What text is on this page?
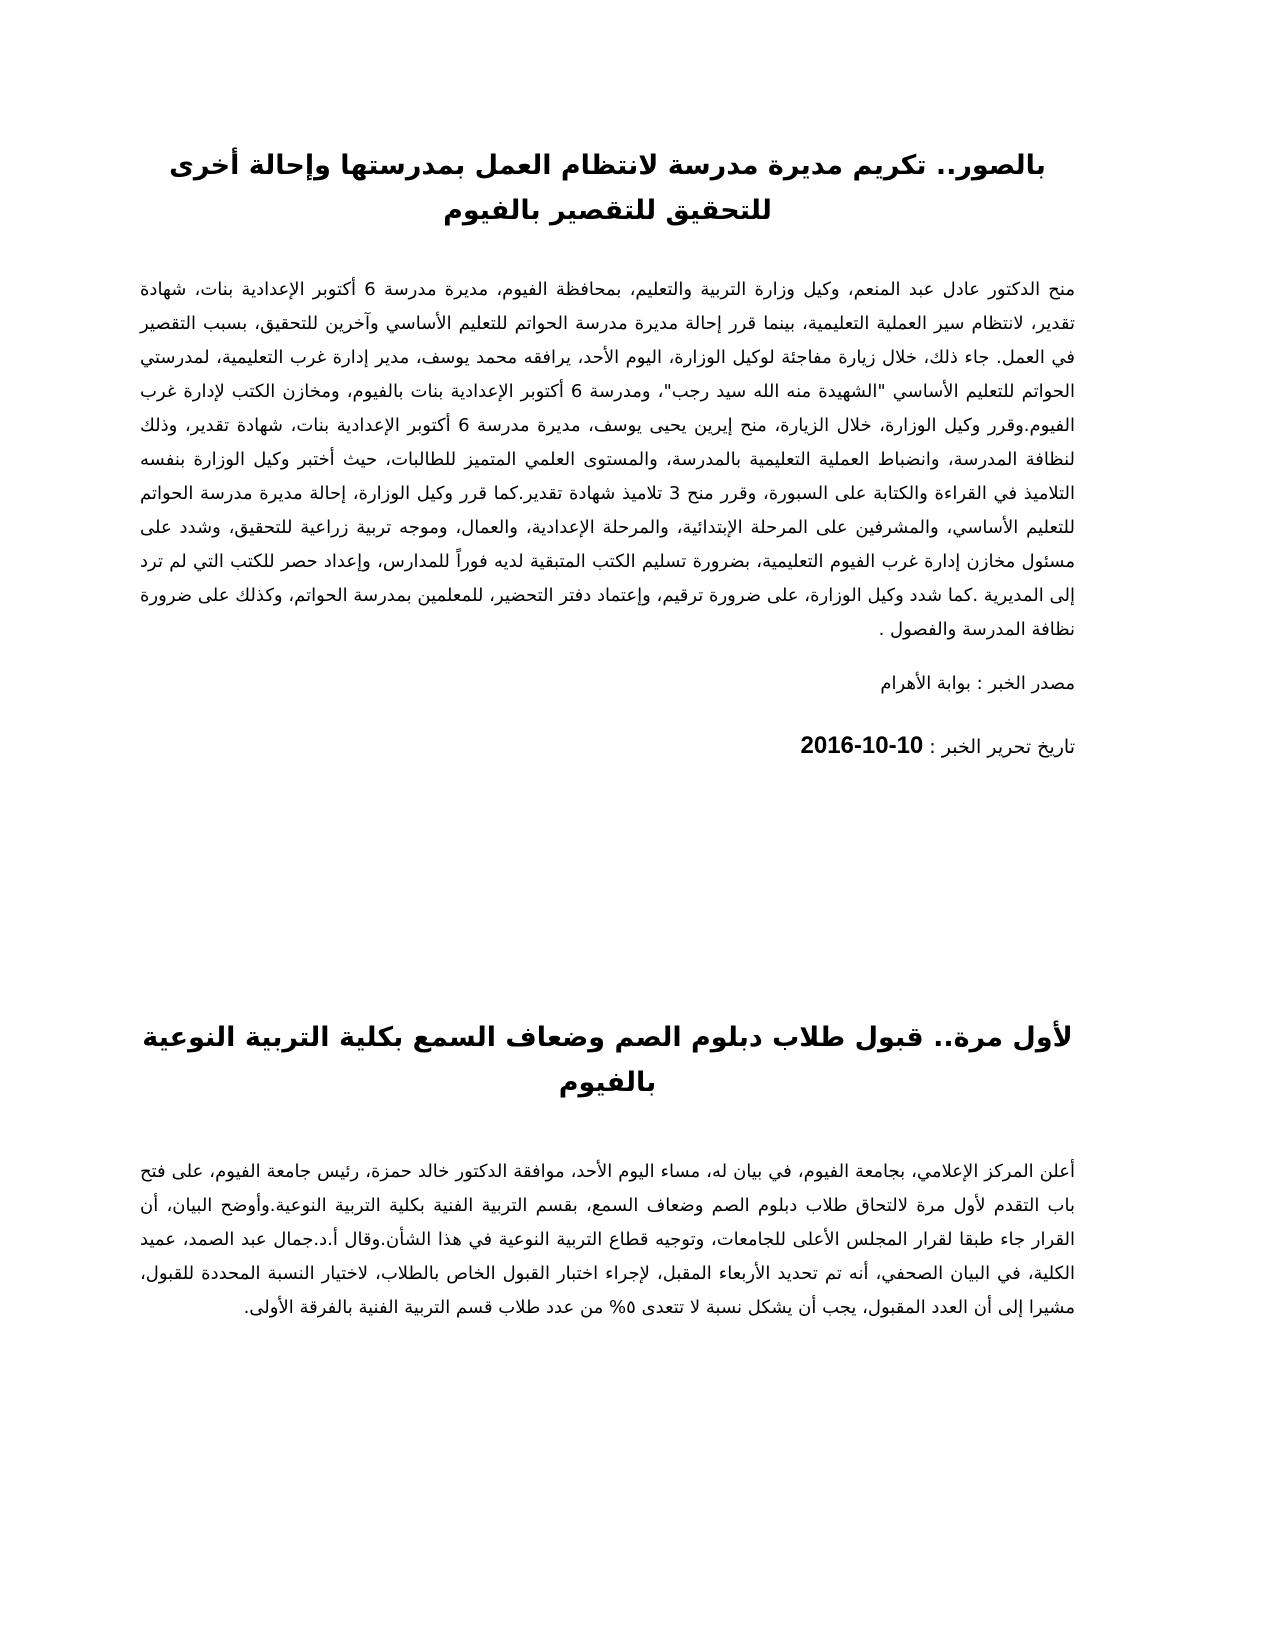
بالصور.. تكريم مديرة مدرسة لانتظام العمل بمدرستها وإحالة أخرى للتحقيق للتقصير بالفيوم

منح الدكتور عادل عبد المنعم، وكيل وزارة التربية والتعليم، بمحافظة الفيوم، مديرة مدرسة 6 أكتوبر الإعدادية بنات، شهادة تقدير، لانتظام سير العملية التعليمية، بينما قرر إحالة مديرة مدرسة الحواتم للتعليم الأساسي وآخرين للتحقيق، بسبب التقصير في العمل. جاء ذلك، خلال زيارة مفاجئة لوكيل الوزارة، اليوم الأحد، يرافقه محمد يوسف، مدير إدارة غرب التعليمية، لمدرستي الحواتم للتعليم الأساسي "الشهيدة منه الله سيد رجب"، ومدرسة 6 أكتوبر الإعدادية بنات بالفيوم، ومخازن الكتب لإدارة غرب الفيوم.وقرر وكيل الوزارة، خلال الزيارة، منح إيرين يحيى يوسف، مديرة مدرسة 6 أكتوبر الإعدادية بنات، شهادة تقدير، وذلك لنظافة المدرسة، وانضباط العملية التعليمية بالمدرسة، والمستوى العلمي المتميز للطالبات، حيث أختبر وكيل الوزارة بنفسه التلاميذ في القراءة والكتابة على السبورة، وقرر منح 3 تلاميذ شهادة تقدير.كما قرر وكيل الوزارة، إحالة مديرة مدرسة الحواتم للتعليم الأساسي، والمشرفين على المرحلة الإبتدائية، والمرحلة الإعدادية، والعمال، وموجه تربية زراعية للتحقيق، وشدد على مسئول مخازن إدارة غرب الفيوم التعليمية، بضرورة تسليم الكتب المتبقية لديه فوراً للمدارس، وإعداد حصر للكتب التي لم ترد إلى المديرية .كما شدد وكيل الوزارة، على ضرورة ترقيم، وإعتماد دفتر التحضير، للمعلمين بمدرسة الحواتم، وكذلك على ضرورة نظافة المدرسة والفصول .

مصدر الخبر : بوابة الأهرام

تاريخ تحرير الخبر : 2016-10-10

لأول مرة.. قبول طلاب دبلوم الصم وضعاف السمع بكلية التربية النوعية بالفيوم

أعلن المركز الإعلامي، بجامعة الفيوم، في بيان له، مساء اليوم الأحد، موافقة الدكتور خالد حمزة، رئيس جامعة الفيوم، على فتح باب التقدم لأول مرة لالتحاق طلاب دبلوم الصم وضعاف السمع، بقسم التربية الفنية بكلية التربية النوعية.وأوضح البيان، أن القرار جاء طبقا لقرار المجلس الأعلى للجامعات، وتوجيه قطاع التربية النوعية في هذا الشأن.وقال أ.د.جمال عبد الصمد، عميد الكلية، في البيان الصحفي، أنه تم تحديد الأربعاء المقبل، لإجراء اختبار القبول الخاص بالطلاب، لاختيار النسبة المحددة للقبول، مشيرا إلى أن العدد المقبول، يجب أن يشكل نسبة لا تتعدى ٥% من عدد طلاب قسم التربية الفنية بالفرقة الأولى.
